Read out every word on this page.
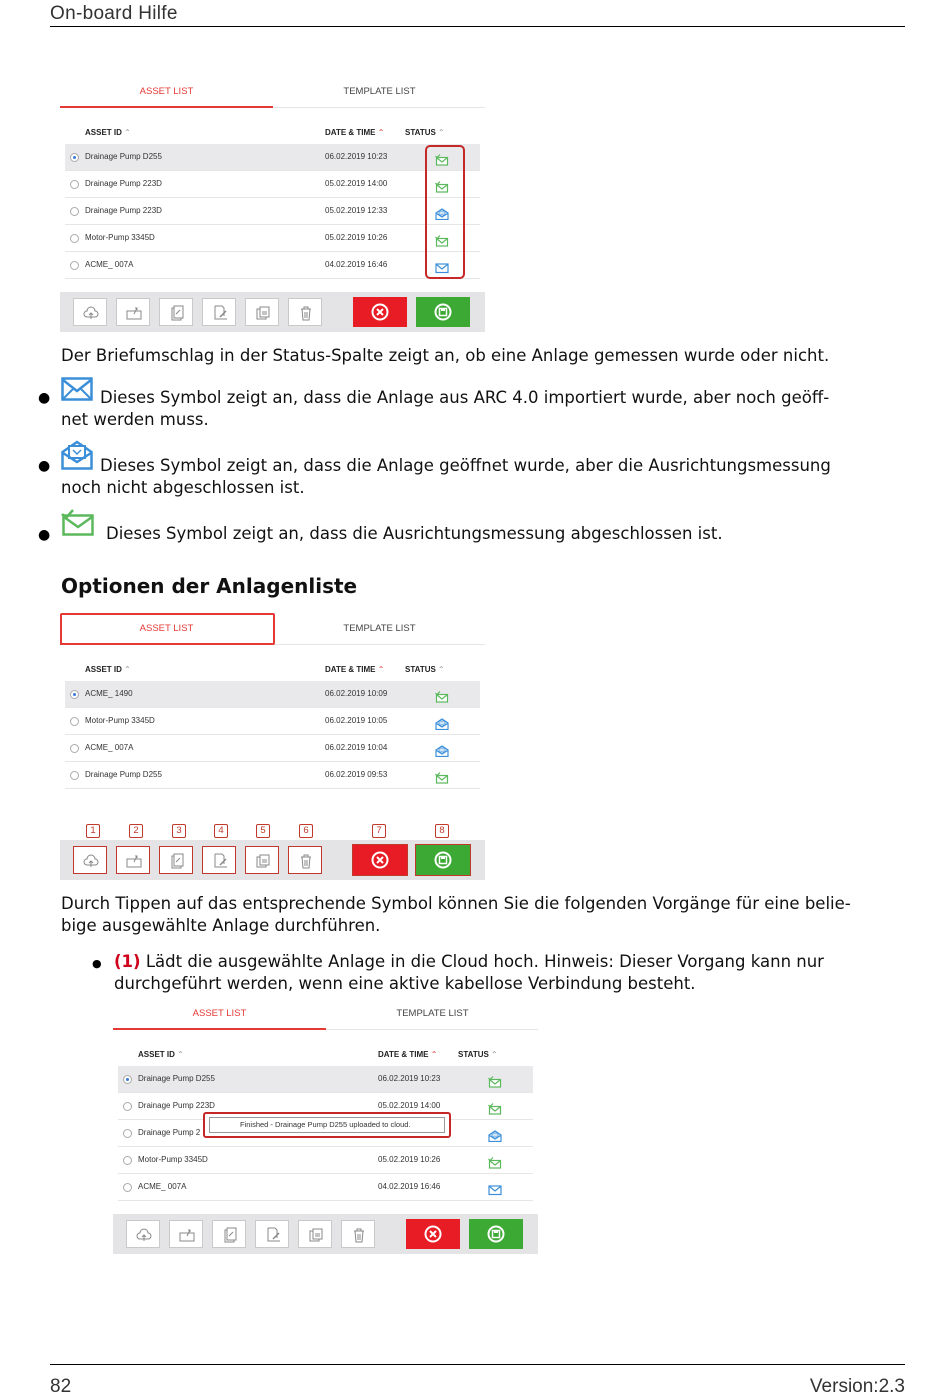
On-board Hilfe
82	Version:2.3
ASSET LIST	TEMPLATE LIST
ASSET ID ⌃	DATE & TIME ⌃	STATUS ⌃
Drainage Pump D255	06.02.2019 10:23
Drainage Pump 223D	05.02.2019 14:00
Drainage Pump 223D	05.02.2019 12:33
Motor-Pump 3345D	05.02.2019 10:26
ACME_ 007A	04.02.2019 16:46
Der Briefumschlag in der Status-Spalte zeigt an, ob eine Anlage gemessen wurde oder nicht.
●	Dieses Symbol zeigt an, dass die Anlage aus ARC 4.0 importiert wurde, aber noch geöff-
net werden muss.
●	Dieses Symbol zeigt an, dass die Anlage geöffnet wurde, aber die Ausrichtungsmessung
noch nicht abgeschlossen ist.
●	Dieses Symbol zeigt an, dass die Ausrichtungsmessung abgeschlossen ist.
Optionen der Anlagenliste
ASSET LIST	TEMPLATE LIST
ASSET ID ⌃	DATE & TIME ⌃	STATUS ⌃
ACME_ 1490	06.02.2019 10:09
Motor-Pump 3345D	06.02.2019 10:05
ACME_ 007A	06.02.2019 10:04
Drainage Pump D255	06.02.2019 09:53
1	2	3	4	5	6	7	8
Durch Tippen auf das entsprechende Symbol können Sie die folgenden Vorgänge für eine belie-
bige ausgewählte Anlage durchführen.
● (1) Lädt die ausgewählte Anlage in die Cloud hoch. Hinweis: Dieser Vorgang kann nur
durchgeführt werden, wenn eine aktive kabellose Verbindung besteht.
ASSET LIST	TEMPLATE LIST
ASSET ID ⌃	DATE & TIME ⌃	STATUS ⌃
Drainage Pump D255	06.02.2019 10:23
Drainage Pump 223D	05.02.2019 14:00
Drainage Pump 2
Motor-Pump 3345D	05.02.2019 10:26
ACME_ 007A	04.02.2019 16:46
Finished - Drainage Pump D255 uploaded to cloud.
